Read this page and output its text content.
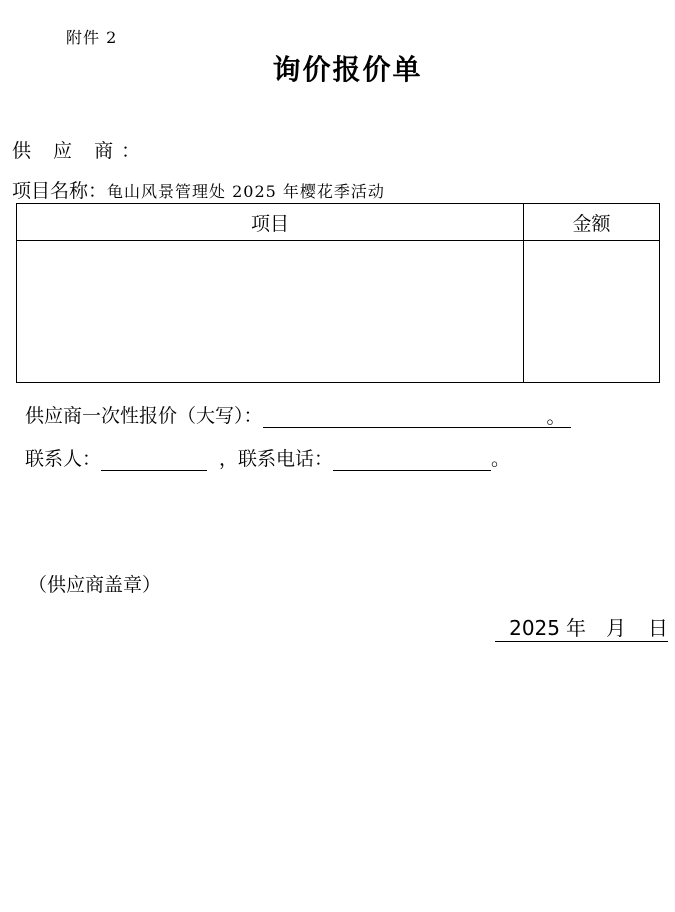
附件 2
询价报价单
供 应 商：
项目名称：龟山风景管理处 2025 年樱花季活动
项目	金额

供应商一次性报价（大写）：	。
联系人：	，联系电话：	。
（供应商盖章）
2025 年 月 日
